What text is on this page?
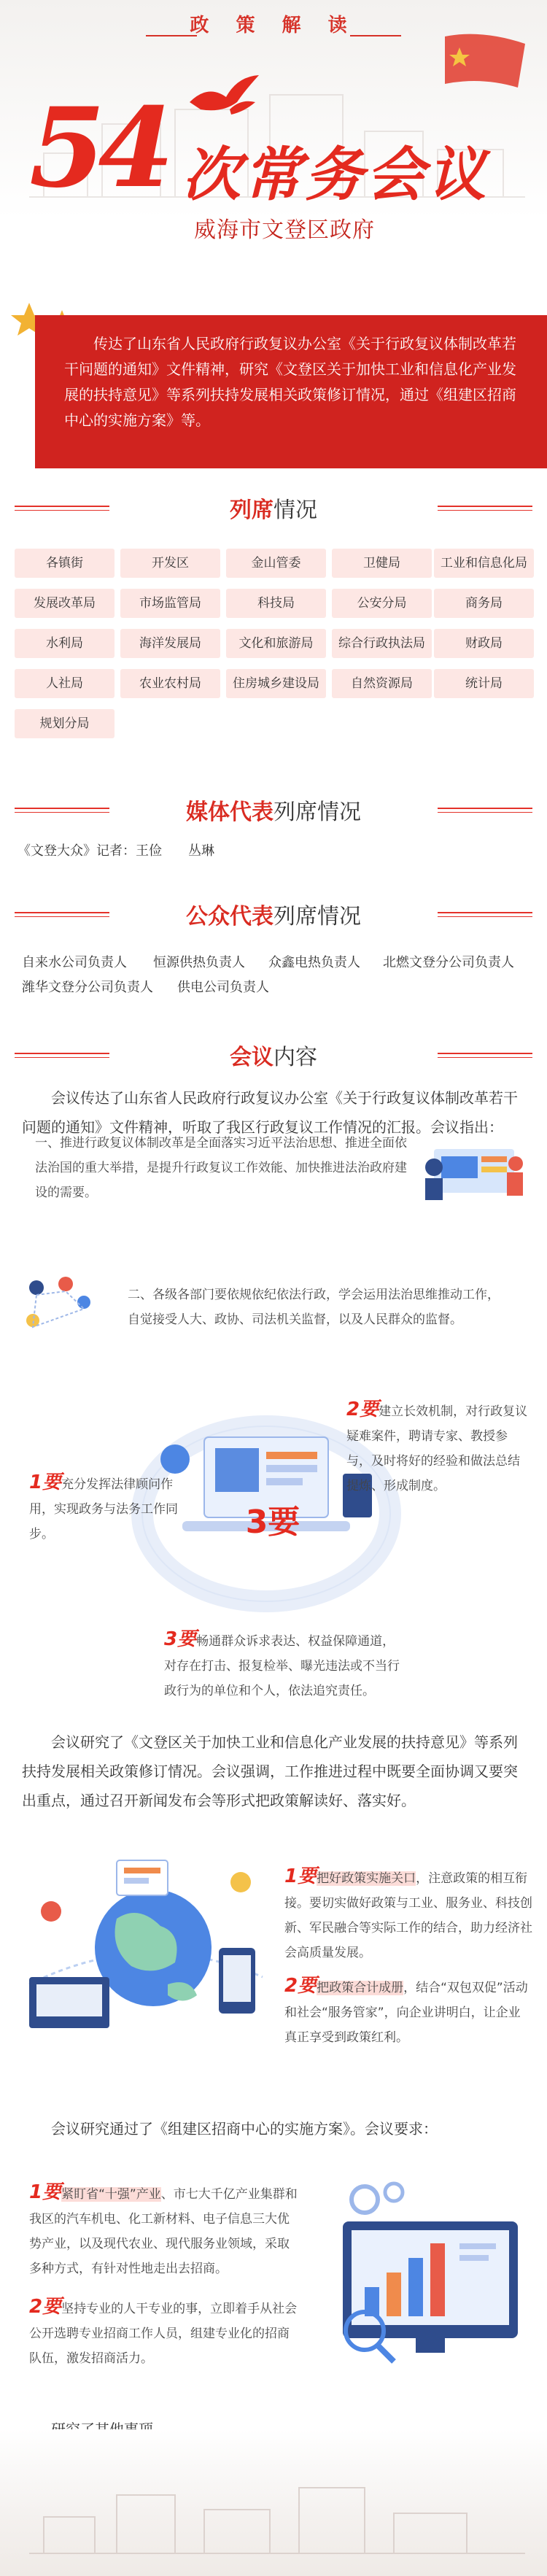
政 策 解 读
54 次常务会议
威海市文登区政府
传达了山东省人民政府行政复议办公室《关于行政复议体制改革若干问题的通知》文件精神，研究《文登区关于加快工业和信息化产业发展的扶持意见》等系列扶持发展相关政策修订情况，通过《组建区招商中心的实施方案》等。
列席情况
各镇街	开发区	金山管委	卫健局	工业和信息化局
发展改革局	市场监管局	科技局	公安分局	商务局
水利局	海洋发展局	文化和旅游局	综合行政执法局	财政局
人社局	农业农村局	住房城乡建设局	自然资源局	统计局
规划分局
媒体代表列席情况
《文登大众》记者：王俭　　丛琳
公众代表列席情况
自来水公司负责人 恒源供热负责人 众鑫电热负责人 北燃文登分公司负责人
潍华文登分公司负责人 供电公司负责人
会议内容
会议传达了山东省人民政府行政复议办公室《关于行政复议体制改革若干问题的通知》文件精神，听取了我区行政复议工作情况的汇报。会议指出：
一、推进行政复议体制改革是全面落实习近平法治思想、推进全面依法治国的重大举措，是提升行政复议工作效能、加快推进法治政府建设的需要。
二、各级各部门要依规依纪依法行政，学会运用法治思维推动工作，自觉接受人大、政协、司法机关监督，以及人民群众的监督。
3要
2要建立长效机制，对行政复议疑难案件，聘请专家、教授参与，及时将好的经验和做法总结提炼、形成制度。
1要充分发挥法律顾问作用，实现政务与法务工作同步。
3要畅通群众诉求表达、权益保障通道，对存在打击、报复检举、曝光违法或不当行政行为的单位和个人，依法追究责任。
会议研究了《文登区关于加快工业和信息化产业发展的扶持意见》等系列扶持发展相关政策修订情况。会议强调，工作推进过程中既要全面协调又要突出重点，通过召开新闻发布会等形式把政策解读好、落实好。
1要把好政策实施关口，注意政策的相互衔接。要切实做好政策与工业、服务业、科技创新、军民融合等实际工作的结合，助力经济社会高质量发展。
2要把政策合计成册，结合“双包双促”活动和社会“服务管家”，向企业讲明白，让企业真正享受到政策红利。
会议研究通过了《组建区招商中心的实施方案》。会议要求：
1要紧盯省“十强”产业、市七大千亿产业集群和我区的汽车机电、化工新材料、电子信息三大优势产业，以及现代农业、现代服务业领域，采取多种方式，有针对性地走出去招商。
2要坚持专业的人干专业的事，立即着手从社会公开选聘专业招商工作人员，组建专业化的招商队伍，激发招商活力。
